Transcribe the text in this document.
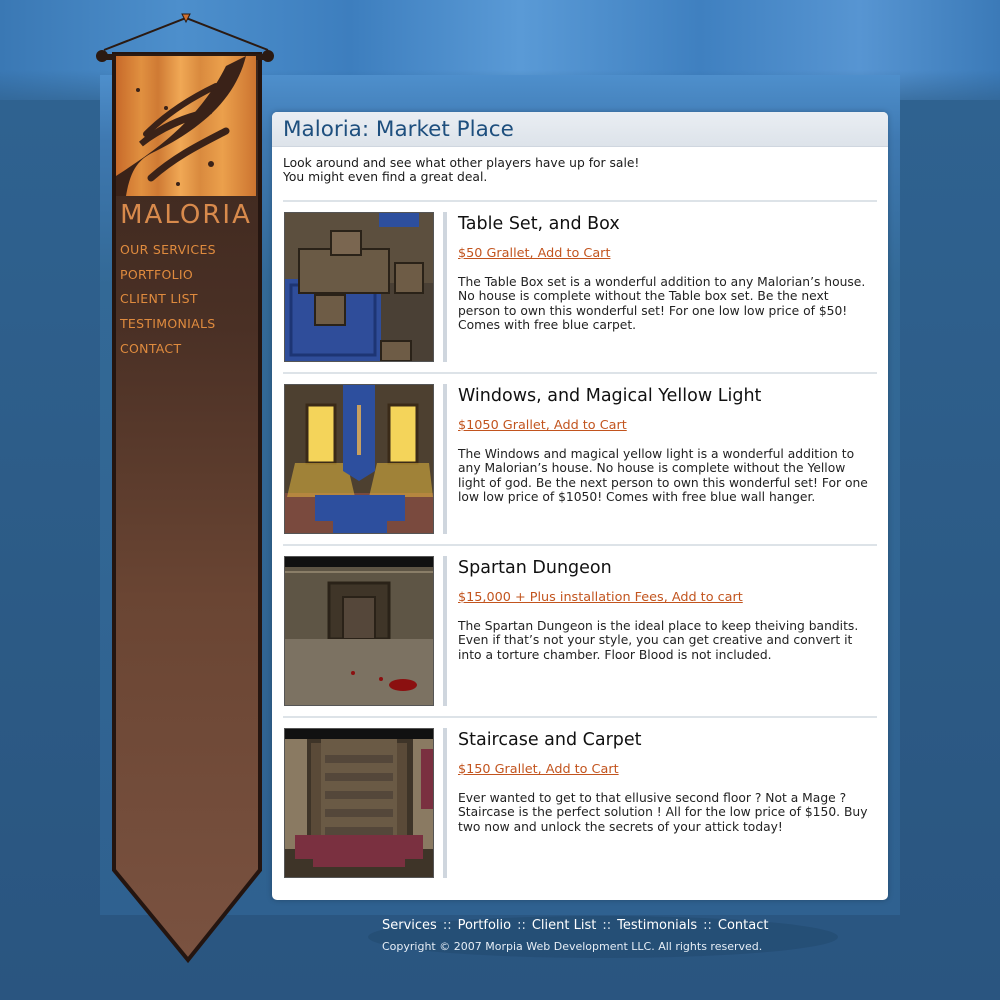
MALORIA
OUR SERVICES
PORTFOLIO
CLIENT LIST
TESTIMONIALS
CONTACT
Maloria: Market Place
Look around and see what other players have up for sale!
You might even find a great deal.
Table Set, and Box
$50 Grallet, Add to Cart
The Table Box set is a wonderful addition to any Malorian’s house. No house is complete without the Table box set. Be the next person to own this wonderful set! For one low low price of $50! Comes with free blue carpet.
Windows, and Magical Yellow Light
$1050 Grallet, Add to Cart
The Windows and magical yellow light is a wonderful addition to any Malorian’s house. No house is complete without the Yellow light of god. Be the next person to own this wonderful set! For one low low price of $1050! Comes with free blue wall hanger.
Spartan Dungeon
$15,000 + Plus installation Fees, Add to cart
The Spartan Dungeon is the ideal place to keep theiving bandits. Even if that’s not your style, you can get creative and convert it into a torture chamber. Floor Blood is not included.
Staircase and Carpet
$150 Grallet, Add to Cart
Ever wanted to get to that ellusive second floor ? Not a Mage ? Staircase is the perfect solution ! All for the low price of $150. Buy two now and unlock the secrets of your attick today!
Services :: Portfolio :: Client List :: Testimonials :: Contact
Copyright © 2007 Morpia Web Development LLC. All rights reserved.
